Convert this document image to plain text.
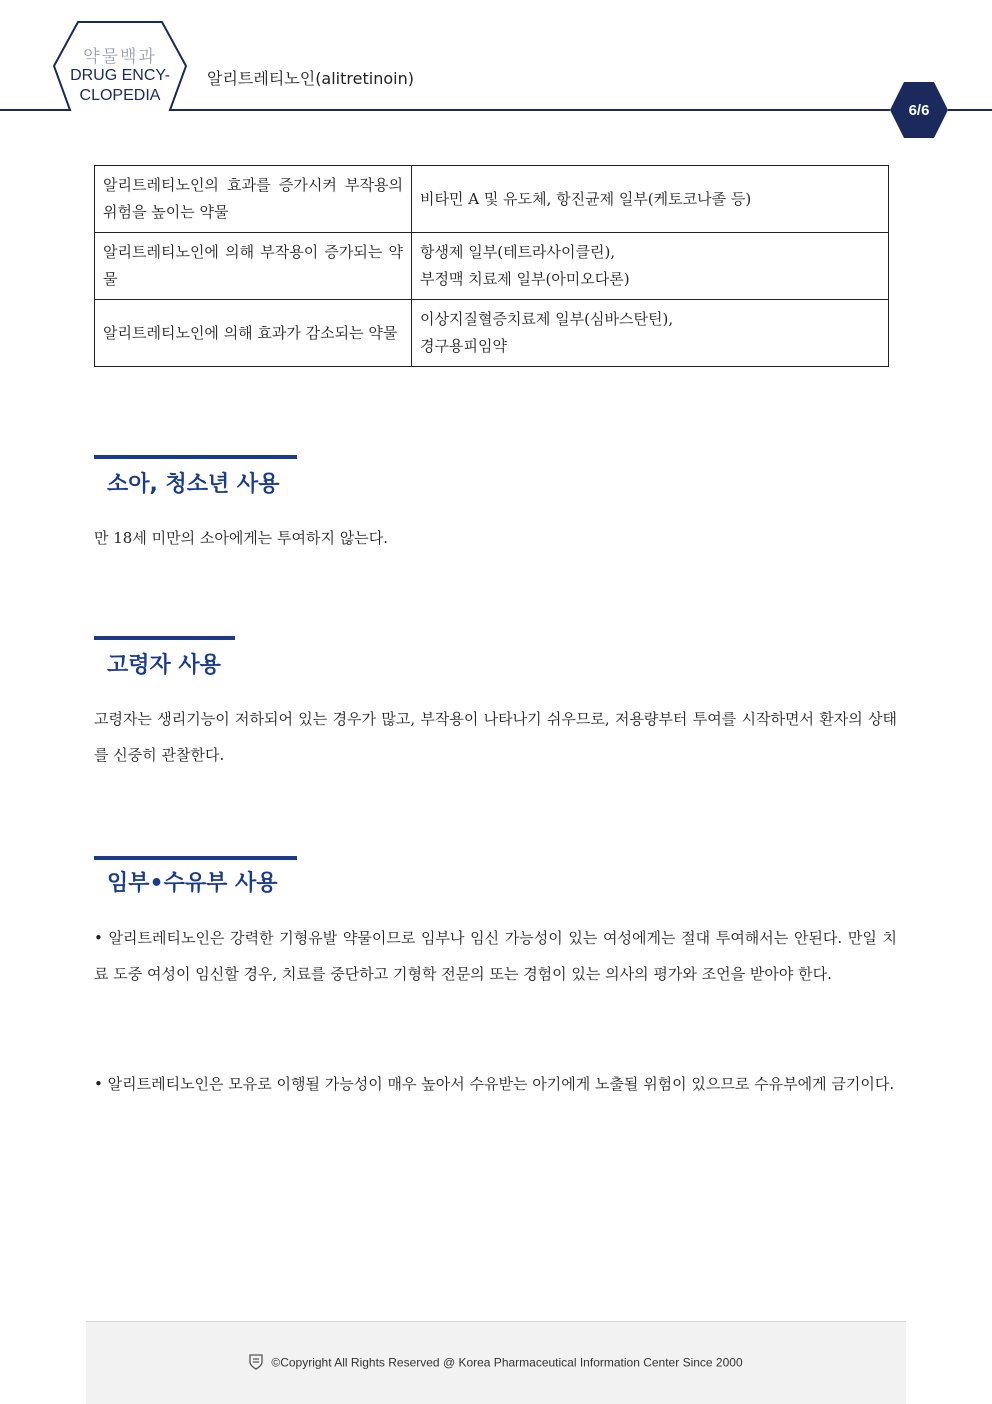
약물백과
DRUG ENCY-
CLOPEDIA
알리트레티노인(alitretinoin)
6/6
알리트레티노인의 효과를 증가시켜 부작용의 위험을 높이는 약물	비타민 A 및 유도체, 항진균제 일부(케토코나졸 등)

알리트레티노인에 의해 부작용이 증가되는 약물	항생제 일부(테트라사이클린),
부정맥 치료제 일부(아미오다론)

알리트레티노인에 의해 효과가 감소되는 약물	이상지질혈증치료제 일부(심바스탄틴),
경구용피임약
소아, 청소년 사용
만 18세 미만의 소아에게는 투여하지 않는다.
고령자 사용
고령자는 생리기능이 저하되어 있는 경우가 많고, 부작용이 나타나기 쉬우므로, 저용량부터 투여를 시작하면서 환자의 상태를 신중히 관찰한다.
임부•수유부 사용
• 알리트레티노인은 강력한 기형유발 약물이므로 임부나 임신 가능성이 있는 여성에게는 절대 투여해서는 안된다. 만일 치료 도중 여성이 임신할 경우, 치료를 중단하고 기형학 전문의 또는 경험이 있는 의사의 평가와 조언을 받아야 한다.
• 알리트레티노인은 모유로 이행될 가능성이 매우 높아서 수유받는 아기에게 노출될 위험이 있으므로 수유부에게 금기이다.
©Copyright All Rights Reserved @ Korea Pharmaceutical Information Center Since 2000
